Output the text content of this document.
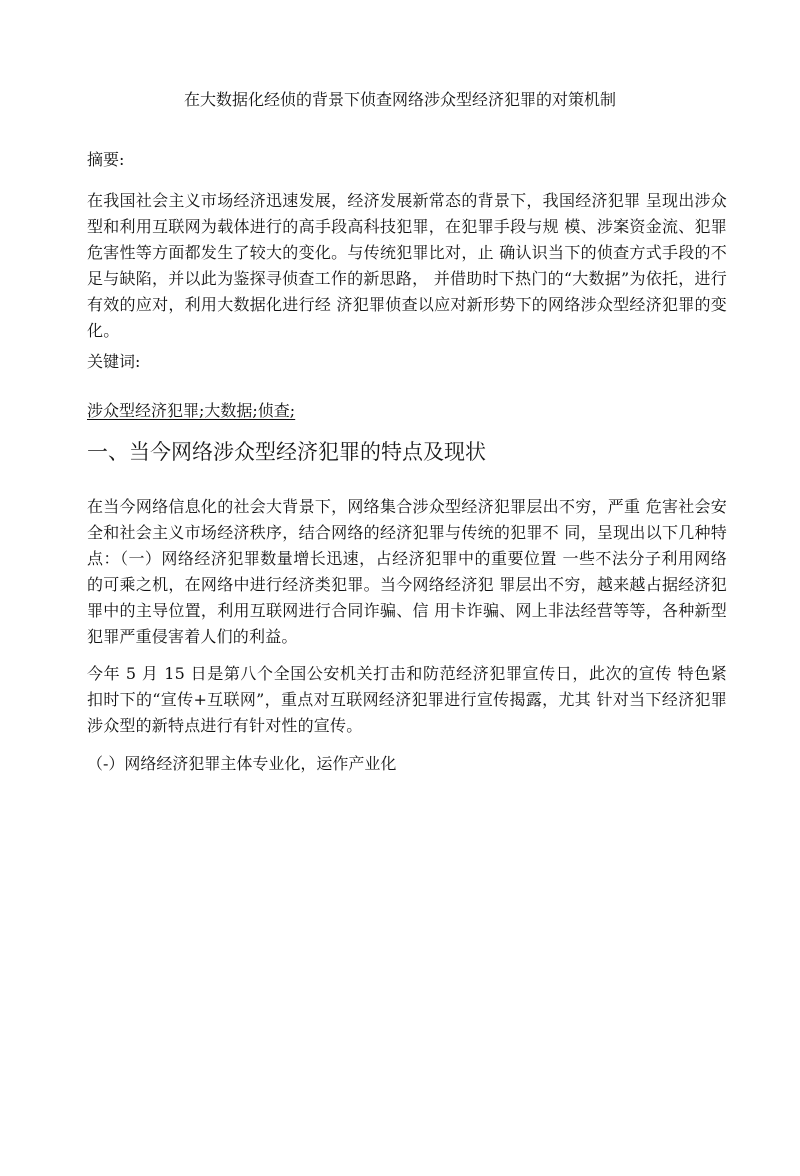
在大数据化经侦的背景下侦查网络涉众型经济犯罪的对策机制
摘要:
在我国社会主义市场经济迅速发展，经济发展新常态的背景下，我国经济犯罪 呈现出涉众型和利用互联网为载体进行的高手段高科技犯罪，在犯罪手段与规 模、涉案资金流、犯罪危害性等方面都发生了较大的变化。与传统犯罪比对，止 确认识当下的侦查方式手段的不足与缺陷，并以此为鉴探寻侦查工作的新思路， 并借助时下热门的“大数据”为依托，进行有效的应对，利用大数据化进行经 济犯罪侦查以应对新形势下的网络涉众型经济犯罪的变化。
关键词:
涉众型经济犯罪;大数据;侦查;
一、当今网络涉众型经济犯罪的特点及现状
在当今网络信息化的社会大背景下，网络集合涉众型经济犯罪层出不穷，严重 危害社会安全和社会主义市场经济秩序，结合网络的经济犯罪与传统的犯罪不 同，呈现出以下几种特点：（一）网络经济犯罪数量增长迅速，占经济犯罪中的重要位置 一些不法分子利用网络的可乘之机，在网络中进行经济类犯罪。当今网络经济犯 罪层出不穷，越来越占据经济犯罪中的主导位置，利用互联网进行合同诈骗、信 用卡诈骗、网上非法经营等等，各种新型犯罪严重侵害着人们的利益。
今年 5 月 15 日是第八个全国公安机关打击和防范经济犯罪宣传日，此次的宣传 特色紧扣时下的“宣传+互联网”，重点对互联网经济犯罪进行宣传揭露，尤其 针对当下经济犯罪涉众型的新特点进行有针对性的宣传。
（-）网络经济犯罪主体专业化，运作产业化
